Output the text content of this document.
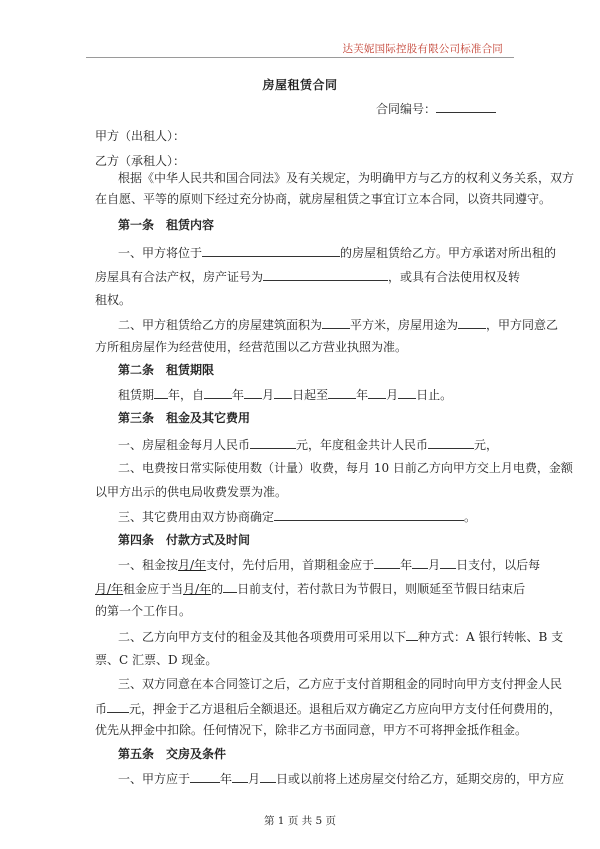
达芙妮国际控股有限公司标准合同
房屋租赁合同
合同编号：
甲方（出租人）：
乙方（承租人）：
根据《中华人民共和国合同法》及有关规定，为明确甲方与乙方的权利义务关系，双方
在自愿、平等的原则下经过充分协商，就房屋租赁之事宜订立本合同，以资共同遵守。
第一条　租赁内容
一、甲方将位于	的房屋租赁给乙方。甲方承诺对所出租的
房屋具有合法产权，房产证号为	，或具有合法使用权及转
租权。
二、甲方租赁给乙方的房屋建筑面积为 平方米，房屋用途为 ，甲方同意乙
方所租房屋作为经营使用，经营范围以乙方营业执照为准。
第二条　租赁期限
租赁期 年，自 年 月 日起至 年 月 日止。
第三条　租金及其它费用
一、房屋租金每月人民币	元，年度租金共计人民币	元，
二、电费按日常实际使用数（计量）收费，每月 10 日前乙方向甲方交上月电费，金额
以甲方出示的供电局收费发票为准。
三、其它费用由双方协商确定	。
第四条　付款方式及时间
一、租金按月/年支付，先付后用，首期租金应于 年 月 日支付，以后每
月/年租金应于当月/年的 日前支付，若付款日为节假日，则顺延至节假日结束后
的第一个工作日。
二、乙方向甲方支付的租金及其他各项费用可采用以下 种方式：A 银行转帐、B 支
票、C 汇票、D 现金。
三、双方同意在本合同签订之后，乙方应于支付首期租金的同时向甲方支付押金人民
币 元，押金于乙方退租后全额退还。退租后双方确定乙方应向甲方支付任何费用的，
优先从押金中扣除。任何情况下，除非乙方书面同意，甲方不可将押金抵作租金。
第五条　交房及条件
一、甲方应于	年 月 日或以前将上述房屋交付给乙方，延期交房的，甲方应
第 1 页 共 5 页
